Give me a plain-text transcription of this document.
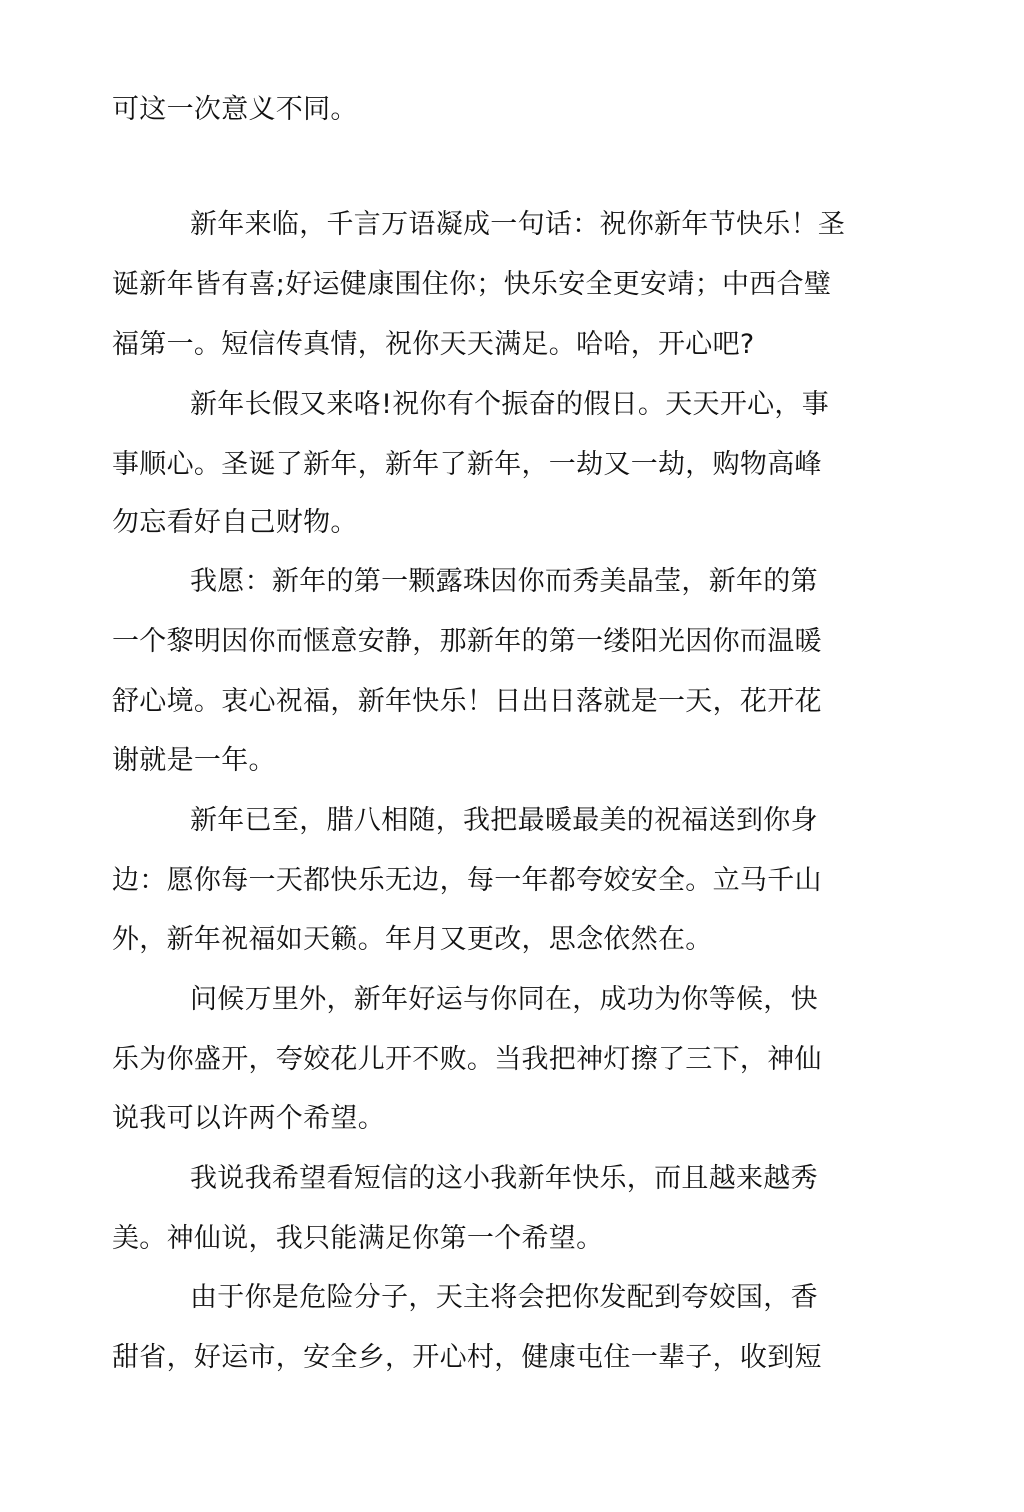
可这一次意义不同。
新年来临，千言万语凝成一句话：祝你新年节快乐！圣
诞新年皆有喜;好运健康围住你；快乐安全更安靖；中西合璧
福第一。短信传真情，祝你天天满足。哈哈，开心吧?
新年长假又来咯!祝你有个振奋的假日。天天开心，事
事顺心。圣诞了新年，新年了新年，一劫又一劫，购物高峰
勿忘看好自己财物。
我愿：新年的第一颗露珠因你而秀美晶莹，新年的第
一个黎明因你而惬意安静，那新年的第一缕阳光因你而温暖
舒心境。衷心祝福，新年快乐！日出日落就是一天，花开花
谢就是一年。
新年已至，腊八相随，我把最暖最美的祝福送到你身
边：愿你每一天都快乐无边，每一年都夸姣安全。立马千山
外，新年祝福如天籁。年月又更改，思念依然在。
问候万里外，新年好运与你同在，成功为你等候，快
乐为你盛开，夸姣花儿开不败。当我把神灯擦了三下，神仙
说我可以许两个希望。
我说我希望看短信的这小我新年快乐，而且越来越秀
美。神仙说，我只能满足你第一个希望。
由于你是危险分子，天主将会把你发配到夸姣国，香
甜省，好运市，安全乡，开心村，健康屯住一辈子，收到短
